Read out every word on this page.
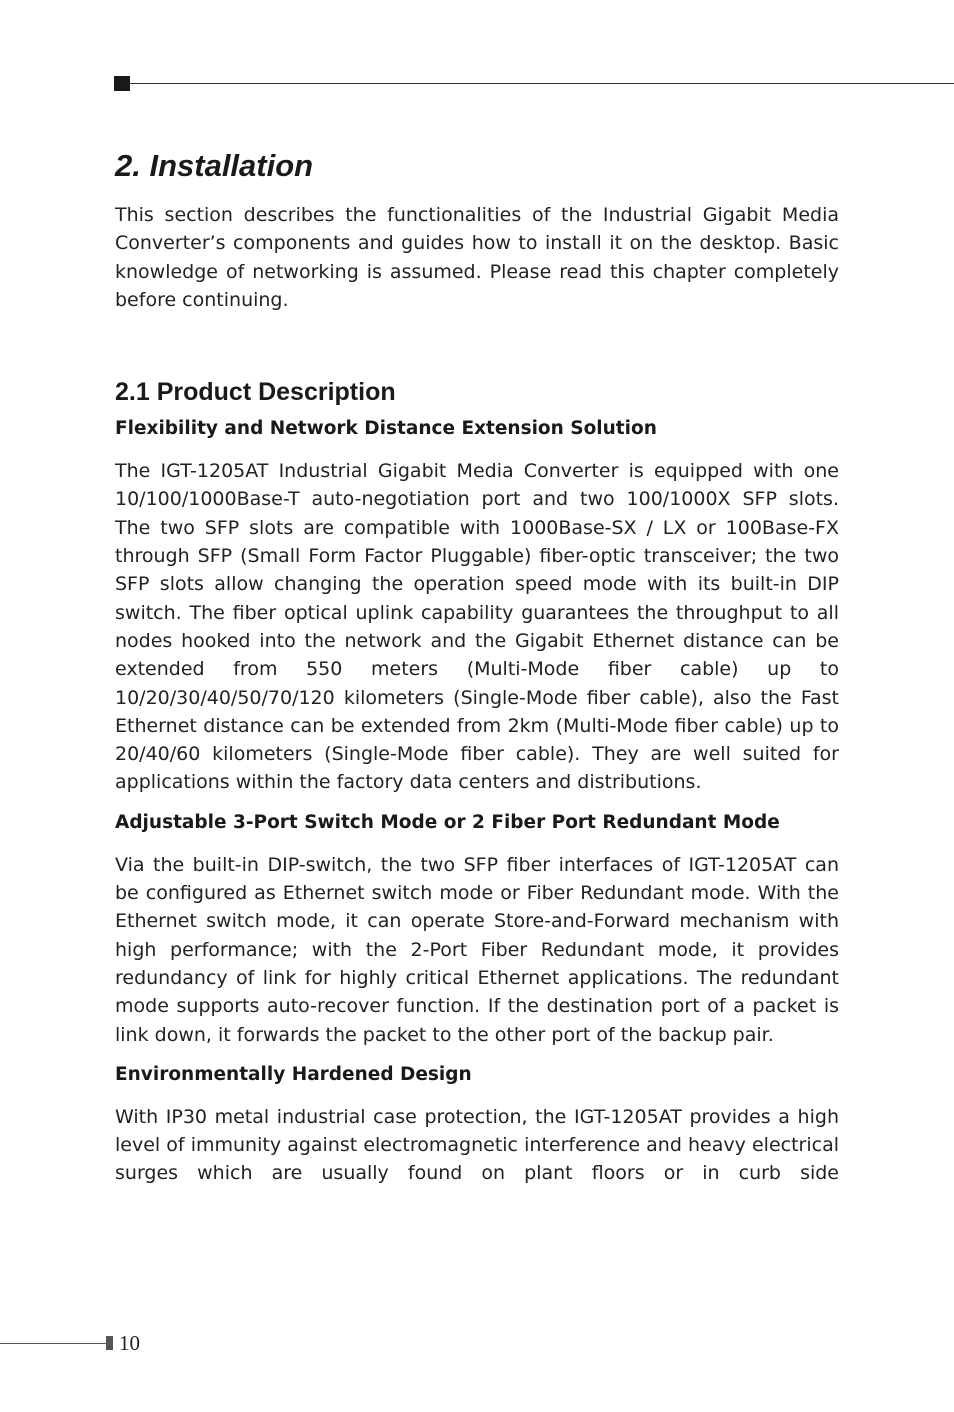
2. Installation

This section describes the functionalities of the Industrial Gigabit Media Converter’s components and guides how to install it on the desktop. Basic knowledge of networking is assumed. Please read this chapter completely before continuing.

2.1 Product Description
Flexibility and Network Distance Extension Solution

The IGT-1205AT Industrial Gigabit Media Converter is equipped with one 10/100/1000Base-T auto-negotiation port and two 100/1000X SFP slots. The two SFP slots are compatible with 1000Base-SX / LX or 100Base-FX through SFP (Small Form Factor Pluggable) fiber-optic transceiver; the two SFP slots allow changing the operation speed mode with its built-in DIP switch. The fiber optical uplink capability guarantees the throughput to all nodes hooked into the network and the Gigabit Ethernet distance can be extended from 550 meters (Multi-Mode fiber cable) up to 10/20/30/40/50/70/120 kilometers (Single-Mode fiber cable), also the Fast Ethernet distance can be extended from 2km (Multi-Mode fiber cable) up to 20/40/60 kilometers (Single-Mode fiber cable). They are well suited for applications within the factory data centers and distributions.

Adjustable 3-Port Switch Mode or 2 Fiber Port Redundant Mode

Via the built-in DIP-switch, the two SFP fiber interfaces of IGT-1205AT can be configured as Ethernet switch mode or Fiber Redundant mode. With the Ethernet switch mode, it can operate Store-and-Forward mechanism with high performance; with the 2-Port Fiber Redundant mode, it provides redundancy of link for highly critical Ethernet applications. The redundant mode supports auto-recover function. If the destination port of a packet is link down, it forwards the packet to the other port of the backup pair.

Environmentally Hardened Design

With IP30 metal industrial case protection, the IGT-1205AT provides a high level of immunity against electromagnetic interference and heavy electrical surges which are usually found on plant floors or in curb side

10
